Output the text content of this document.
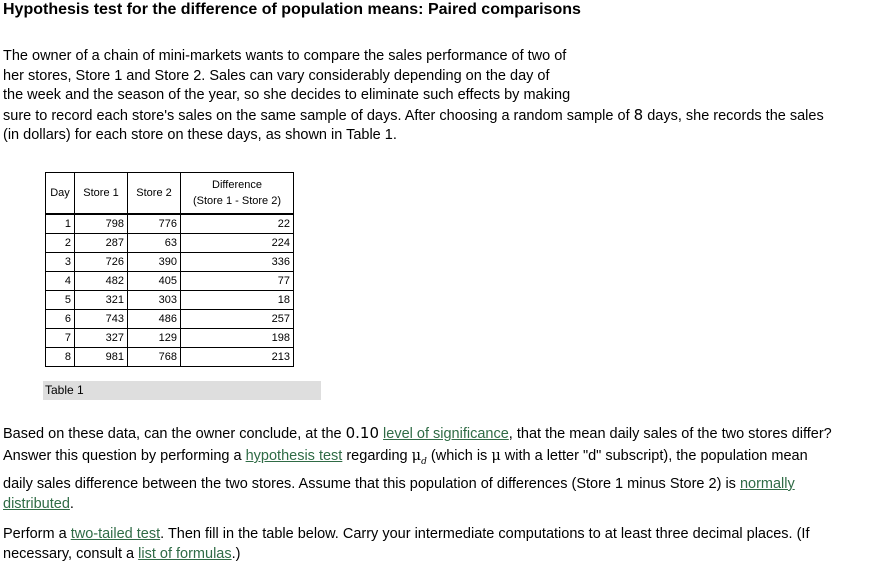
Hypothesis test for the difference of population means: Paired comparisons
The owner of a chain of mini-markets wants to compare the sales performance of two of
her stores, Store 1 and Store 2. Sales can vary considerably depending on the day of
the week and the season of the year, so she decides to eliminate such effects by making
sure to record each store's sales on the same sample of days. After choosing a random sample of 8 days, she records the sales
(in dollars) for each store on these days, as shown in Table 1.
Day	Store 1	Store 2	Difference
(Store 1 - Store 2)

1	798	776	22
2	287	63	224
3	726	390	336
4	482	405	77
5	321	303	18
6	743	486	257
7	327	129	198
8	981	768	213
Table 1
Based on these data, can the owner conclude, at the 0.10 level of significance, that the mean daily sales of the two stores differ?
Answer this question by performing a hypothesis test regarding $\mu_d$ (which is μ with a letter "d" subscript), the population mean
daily sales difference between the two stores. Assume that this population of differences (Store 1 minus Store 2) is normally
distributed.
Perform a two-tailed test. Then fill in the table below. Carry your intermediate computations to at least three decimal places. (If
necessary, consult a list of formulas.)
